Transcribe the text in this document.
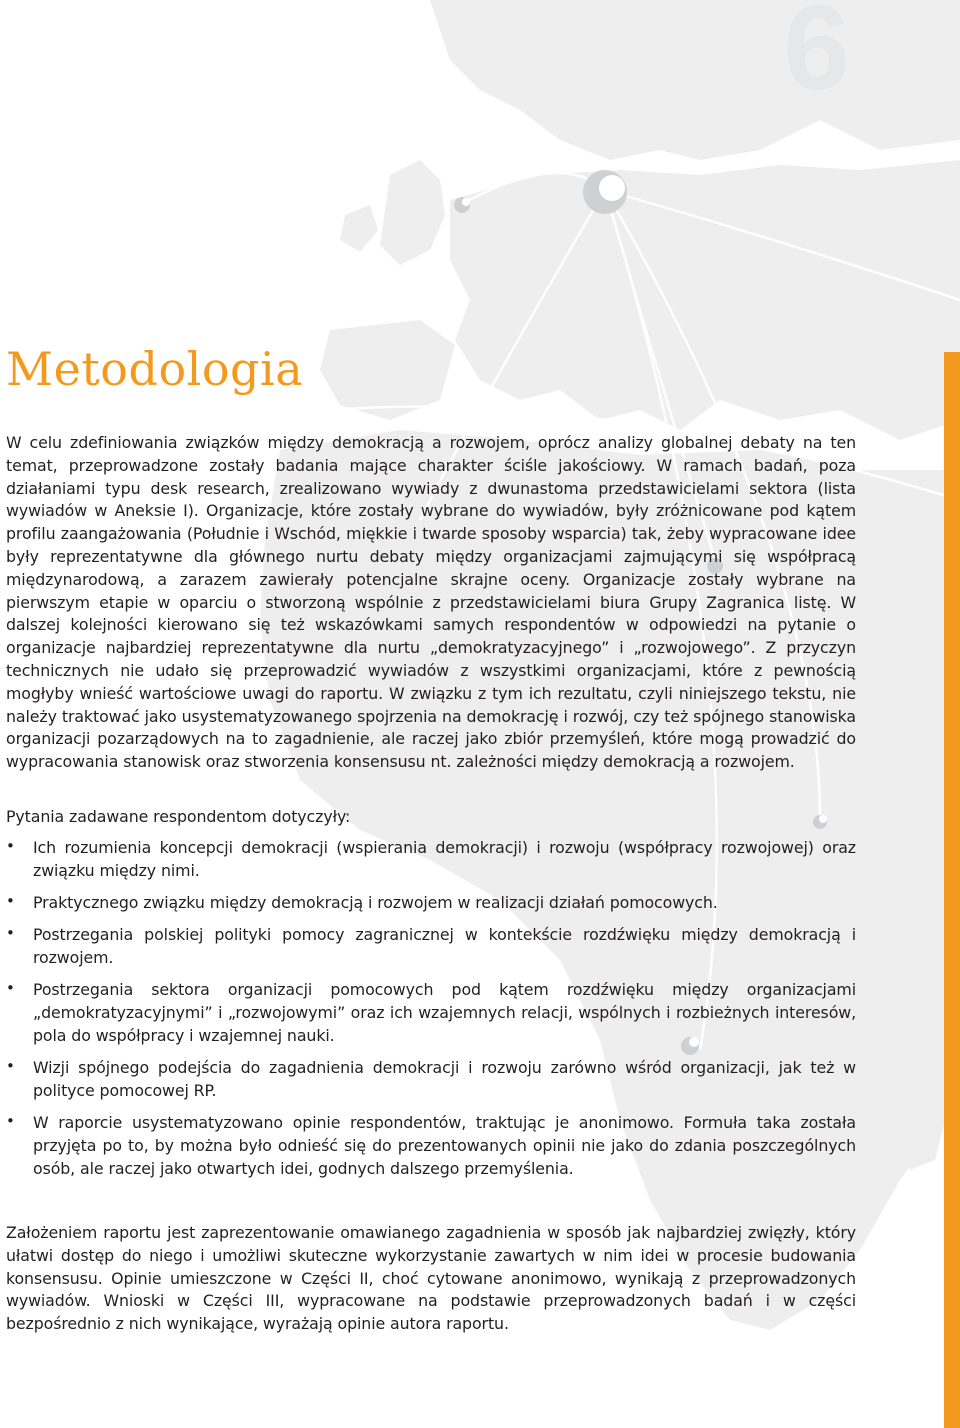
6
Metodologia

W celu zdefiniowania związków między demokracją a rozwojem, oprócz analizy globalnej debaty na ten temat, przeprowadzone zostały badania mające charakter ściśle jakościowy. W ramach badań, poza działaniami typu desk research, zrealizowano wywiady z dwunastoma przedstawicielami sektora (lista wywiadów w Aneksie I). Organizacje, które zostały wybrane do wywiadów, były zróżnicowane pod kątem profilu zaangażowania (Południe i Wschód, miękkie i twarde sposoby wsparcia) tak, żeby wypracowane idee były reprezentatywne dla głównego nurtu debaty między organizacjami zajmującymi się współpracą międzynarodową, a zarazem zawierały potencjalne skrajne oceny. Organizacje zostały wybrane na pierwszym etapie w oparciu o stworzoną wspólnie z przedstawicielami biura Grupy Zagranica listę. W dalszej kolejności kierowano się też wskazówkami samych respondentów w odpowiedzi na pytanie o organizacje najbardziej reprezentatywne dla nurtu „demokratyzacyjnego” i „rozwojowego”. Z przyczyn technicznych nie udało się przeprowadzić wywiadów z wszystkimi organizacjami, które z pewnością mogłyby wnieść wartościowe uwagi do raportu. W związku z tym ich rezultatu, czyli niniejszego tekstu, nie należy traktować jako usystematyzowanego spojrzenia na demokrację i rozwój, czy też spójnego stanowiska organizacji pozarządowych na to zagadnienie, ale raczej jako zbiór przemyśleń, które mogą prowadzić do wypracowania stanowisk oraz stworzenia konsensusu nt. zależności między demokracją a rozwojem.

Pytania zadawane respondentom dotyczyły:

• Ich rozumienia koncepcji demokracji (wspierania demokracji) i rozwoju (współpracy rozwojowej) oraz związku między nimi.
• Praktycznego związku między demokracją i rozwojem w realizacji działań pomocowych.
• Postrzegania polskiej polityki pomocy zagranicznej w kontekście rozdźwięku między demokracją i rozwojem.
• Postrzegania sektora organizacji pomocowych pod kątem rozdźwięku między organizacjami „demokratyzacyjnymi” i „rozwojowymi” oraz ich wzajemnych relacji, wspólnych i rozbieżnych interesów, pola do współpracy i wzajemnej nauki.
• Wizji spójnego podejścia do zagadnienia demokracji i rozwoju zarówno wśród organizacji, jak też w polityce pomocowej RP.
• W raporcie usystematyzowano opinie respondentów, traktując je anonimowo. Formuła taka została przyjęta po to, by można było odnieść się do prezentowanych opinii nie jako do zdania poszczególnych osób, ale raczej jako otwartych idei, godnych dalszego przemyślenia.

Założeniem raportu jest zaprezentowanie omawianego zagadnienia w sposób jak najbardziej zwięzły, który ułatwi dostęp do niego i umożliwi skuteczne wykorzystanie zawartych w nim idei w procesie budowania konsensusu. Opinie umieszczone w Części II, choć cytowane anonimowo, wynikają z przeprowadzonych wywiadów. Wnioski w Części III, wypracowane na podstawie przeprowadzonych badań i w części bezpośrednio z nich wynikające, wyrażają opinie autora raportu.
